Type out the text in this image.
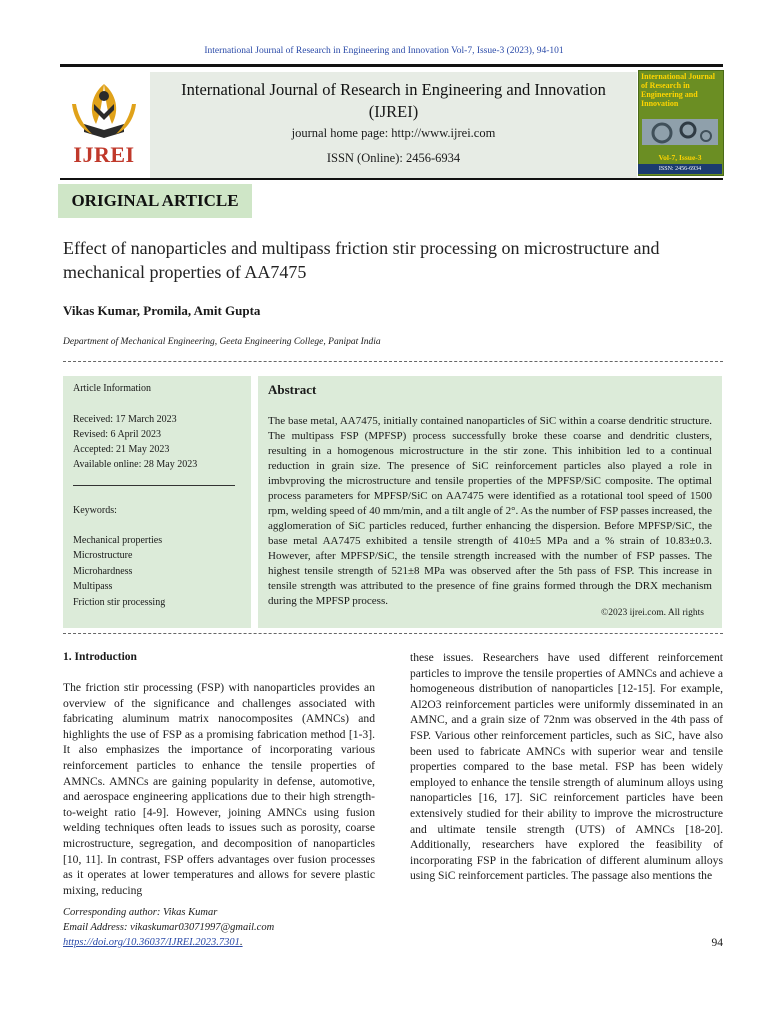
International Journal of Research in Engineering and Innovation Vol-7, Issue-3 (2023), 94-101
IJREI
International Journal of Research in Engineering and Innovation
(IJREI)
journal home page: http://www.ijrei.com
ISSN (Online): 2456-6934
International Journal of Research in Engineering and Innovation
Vol-7, Issue-3
ISSN: 2456-6934
ORIGINAL ARTICLE
Effect of nanoparticles and multipass friction stir processing on microstructure and mechanical properties of AA7475
Vikas Kumar, Promila, Amit Gupta
Department of Mechanical Engineering, Geeta Engineering College, Panipat India
Article Information
Received: 17 March 2023
Revised: 6 April 2023
Accepted: 21 May 2023
Available online: 28 May 2023
Keywords:
Mechanical properties
Microstructure
Microhardness
Multipass
Friction stir processing
Abstract
The base metal, AA7475, initially contained nanoparticles of SiC within a coarse dendritic structure. The multipass FSP (MPFSP) process successfully broke these coarse and dendritic clusters, resulting in a homogenous microstructure in the stir zone. This inhibition led to a continual reduction in grain size. The presence of SiC reinforcement particles also played a role in imbvproving the microstructure and tensile properties of the MPFSP/SiC composite. The optimal process parameters for MPFSP/SiC on AA7475 were identified as a rotational tool speed of 1500 rpm, welding speed of 40 mm/min, and a tilt angle of 2°. As the number of FSP passes increased, the agglomeration of SiC particles reduced, further enhancing the dispersion. Before MPFSP/SiC, the base metal AA7475 exhibited a tensile strength of 410±5 MPa and a % strain of 10.83±0.3. However, after MPFSP/SiC, the tensile strength increased with the number of FSP passes. The highest tensile strength of 521±8 MPa was observed after the 5th pass of FSP. This increase in tensile strength was attributed to the presence of fine grains formed through the DRX mechanism during the MPFSP process.
©2023 ijrei.com. All rights
1. Introduction
The friction stir processing (FSP) with nanoparticles provides an overview of the significance and challenges associated with fabricating aluminum matrix nanocomposites (AMNCs) and highlights the use of FSP as a promising fabrication method [1-3]. It also emphasizes the importance of incorporating various reinforcement particles to enhance the tensile properties of AMNCs. AMNCs are gaining popularity in defense, automotive, and aerospace engineering applications due to their high strength-to-weight ratio [4-9]. However, joining AMNCs using fusion welding techniques often leads to issues such as porosity, coarse microstructure, segregation, and decomposition of nanoparticles [10, 11]. In contrast, FSP offers advantages over fusion processes as it operates at lower temperatures and allows for severe plastic mixing, reducing
these issues. Researchers have used different reinforcement particles to improve the tensile properties of AMNCs and achieve a homogeneous distribution of nanoparticles [12-15]. For example, Al2O3 reinforcement particles were uniformly disseminated in an AMNC, and a grain size of 72nm was observed in the 4th pass of FSP. Various other reinforcement particles, such as SiC, have also been used to fabricate AMNCs with superior wear and tensile properties compared to the base metal. FSP has been widely employed to enhance the tensile strength of aluminum alloys using nanoparticles [16, 17]. SiC reinforcement particles have been extensively studied for their ability to improve the microstructure and ultimate tensile strength (UTS) of AMNCs [18-20]. Additionally, researchers have explored the feasibility of incorporating FSP in the fabrication of different aluminum alloys using SiC reinforcement particles. The passage also mentions the
Corresponding author: Vikas Kumar
Email Address: vikaskumar03071997@gmail.com
https://doi.org/10.36037/IJREI.2023.7301.	94
